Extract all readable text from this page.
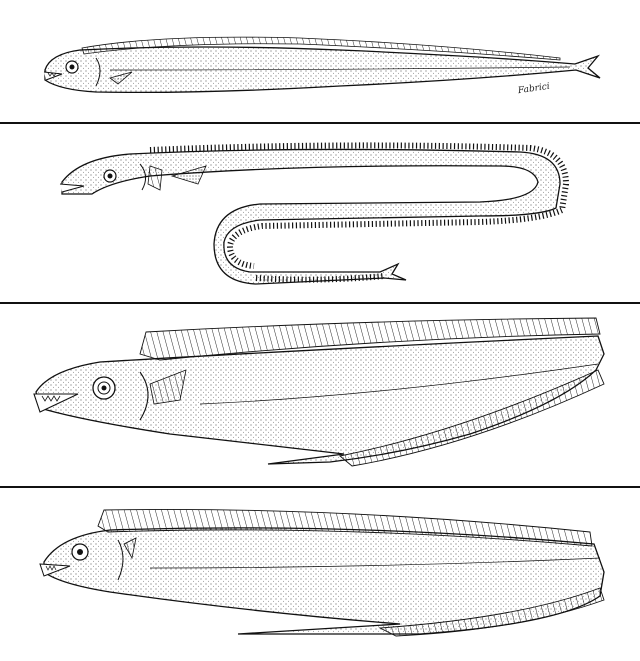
Fabrici
